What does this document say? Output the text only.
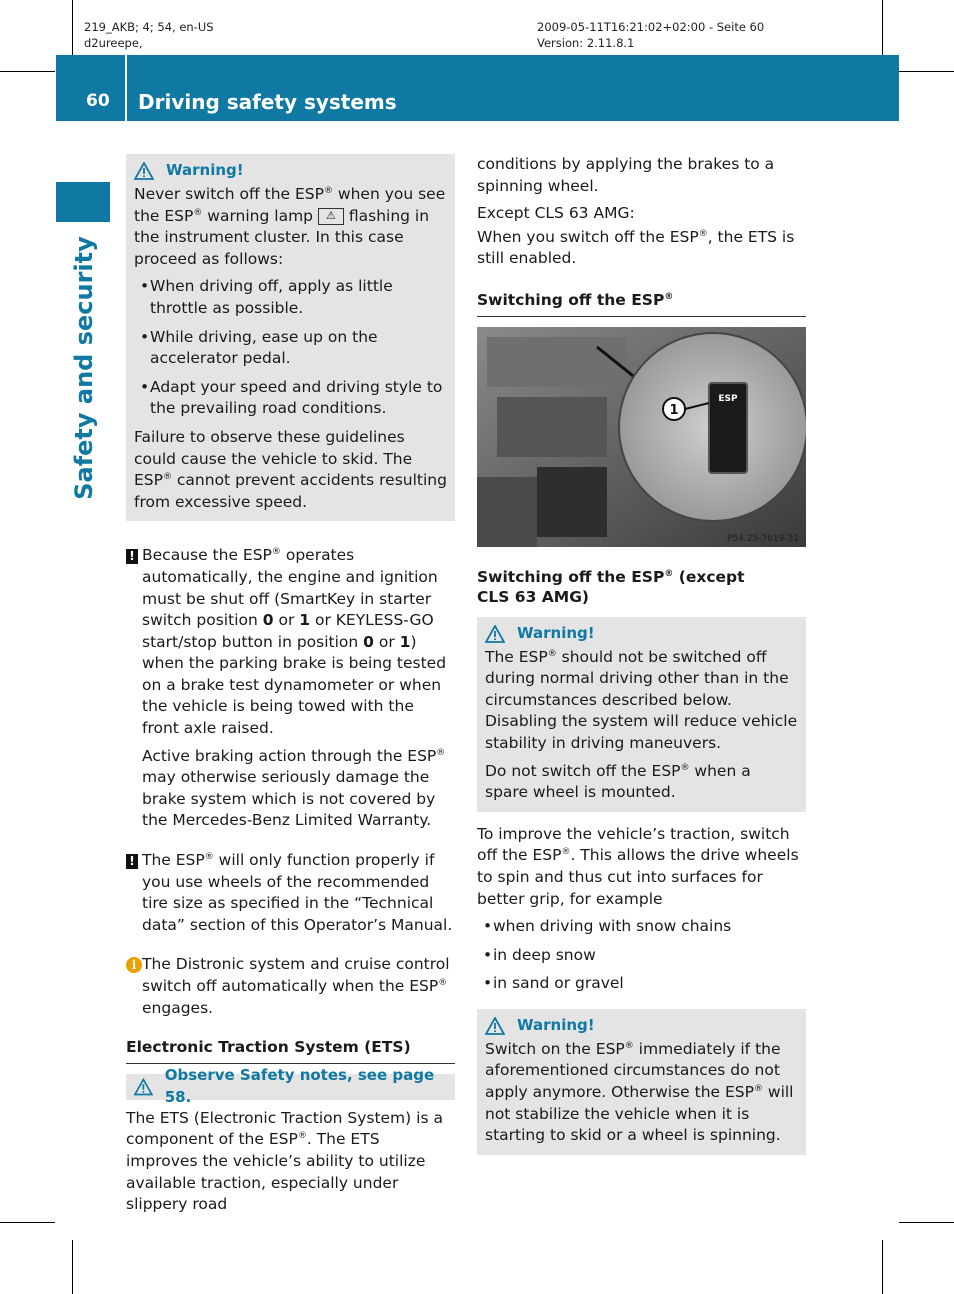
219_AKB; 4; 54, en-US
d2ureepe,
2009-05-11T16:21:02+02:00 - Seite 60
Version: 2.11.8.1
60 Driving safety systems
Safety and security
Warning!

Never switch off the ESP® when you see the ESP® warning lamp ⚠ flashing in the instrument cluster. In this case proceed as follows:

• When driving off, apply as little throttle as possible.
• While driving, ease up on the accelerator pedal.
• Adapt your speed and driving style to the prevailing road conditions.

Failure to observe these guidelines could cause the vehicle to skid. The ESP® cannot prevent accidents resulting from excessive speed.

! Because the ESP® operates automatically, the engine and ignition must be shut off (SmartKey in starter switch position 0 or 1 or KEYLESS-GO start/stop button in position 0 or 1) when the parking brake is being tested on a brake test dynamometer or when the vehicle is being towed with the front axle raised.

Active braking action through the ESP® may otherwise seriously damage the brake system which is not covered by the Mercedes-Benz Limited Warranty.

! The ESP® will only function properly if you use wheels of the recommended tire size as specified in the “Technical data” section of this Operator’s Manual.

i The Distronic system and cruise control switch off automatically when the ESP® engages.

Electronic Traction System (ETS)
Observe Safety notes, see page 58.

The ETS (Electronic Traction System) is a component of the ESP®. The ETS improves the vehicle’s ability to utilize available traction, especially under slippery road

conditions by applying the brakes to a spinning wheel.

Except CLS 63 AMG:

When you switch off the ESP®, the ETS is still enabled.

Switching off the ESP®
ESP
1
P54.25-7619-31
Switching off the ESP® (except
CLS 63 AMG)
Warning!

The ESP® should not be switched off during normal driving other than in the circumstances described below. Disabling the system will reduce vehicle stability in driving maneuvers.

Do not switch off the ESP® when a spare wheel is mounted.

To improve the vehicle’s traction, switch off the ESP®. This allows the drive wheels to spin and thus cut into surfaces for better grip, for example

• when driving with snow chains
• in deep snow
• in sand or gravel
Warning!

Switch on the ESP® immediately if the aforementioned circumstances do not apply anymore. Otherwise the ESP® will not stabilize the vehicle when it is starting to skid or a wheel is spinning.
